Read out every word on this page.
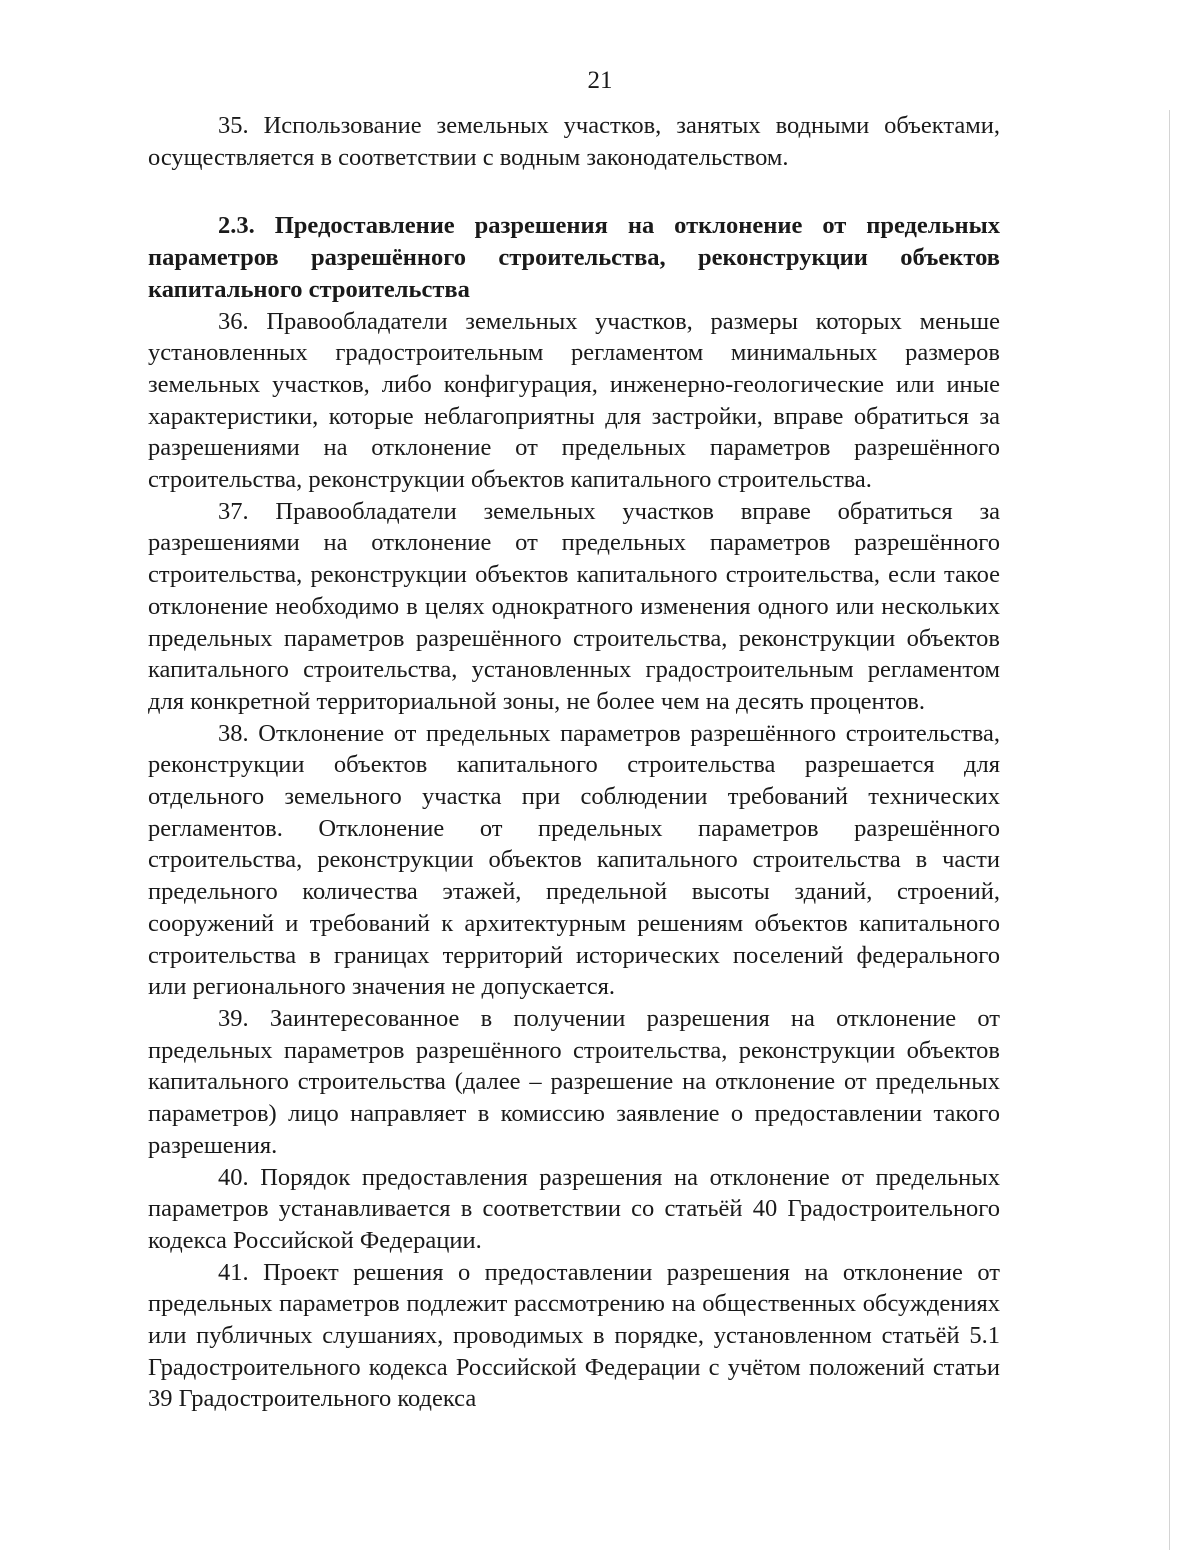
21

35. Использование земельных участков, занятых водными объектами, осуществляется в соответствии с водным законодательством.

2.3. Предоставление разрешения на отклонение от предельных параметров разрешённого строительства, реконструкции объектов капитального строительства

36. Правообладатели земельных участков, размеры которых меньше установленных градостроительным регламентом минимальных размеров земельных участков, либо конфигурация, инженерно-геологические или иные характеристики, которые неблагоприятны для застройки, вправе обратиться за разрешениями на отклонение от предельных параметров разрешённого строительства, реконструкции объектов капитального строительства.

37. Правообладатели земельных участков вправе обратиться за разрешениями на отклонение от предельных параметров разрешённого строительства, реконструкции объектов капитального строительства, если такое отклонение необходимо в целях однократного изменения одного или нескольких предельных параметров разрешённого строительства, реконструкции объектов капитального строительства, установленных градостроительным регламентом для конкретной территориальной зоны, не более чем на десять процентов.

38. Отклонение от предельных параметров разрешённого строительства, реконструкции объектов капитального строительства разрешается для отдельного земельного участка при соблюдении требований технических регламентов. Отклонение от предельных параметров разрешённого строительства, реконструкции объектов капитального строительства в части предельного количества этажей, предельной высоты зданий, строений, сооружений и требований к архитектурным решениям объектов капитального строительства в границах территорий исторических поселений федерального или регионального значения не допускается.

39. Заинтересованное в получении разрешения на отклонение от предельных параметров разрешённого строительства, реконструкции объектов капитального строительства (далее – разрешение на отклонение от предельных параметров) лицо направляет в комиссию заявление о предоставлении такого разрешения.

40. Порядок предоставления разрешения на отклонение от предельных параметров устанавливается в соответствии со статьёй 40 Градостроительного кодекса Российской Федерации.

41. Проект решения о предоставлении разрешения на отклонение от предельных параметров подлежит рассмотрению на общественных обсуждениях или публичных слушаниях, проводимых в порядке, установленном статьёй 5.1 Градостроительного кодекса Российской Федерации с учётом положений статьи 39 Градостроительного кодекса
